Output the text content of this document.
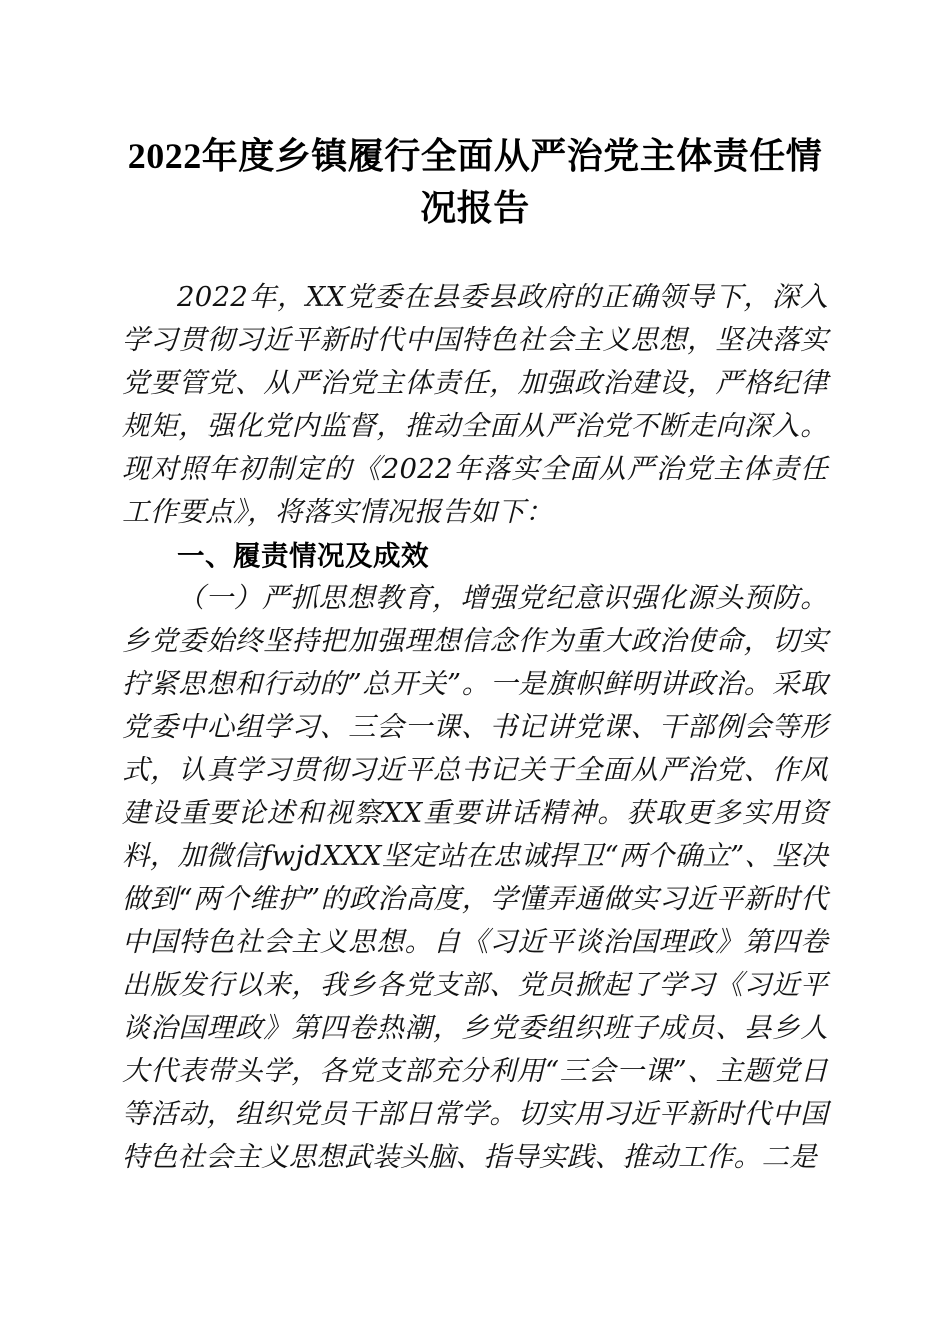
2022年度乡镇履行全面从严治党主体责任情况报告

2022年，XX党委在县委县政府的正确领导下，深入学习贯彻习近平新时代中国特色社会主义思想，坚决落实党要管党、从严治党主体责任，加强政治建设，严格纪律规矩，强化党内监督，推动全面从严治党不断走向深入。现对照年初制定的《2022年落实全面从严治党主体责任工作要点》，将落实情况报告如下：

一、履责情况及成效

（一）严抓思想教育，增强党纪意识强化源头预防。乡党委始终坚持把加强理想信念作为重大政治使命，切实拧紧思想和行动的”总开关”。一是旗帜鲜明讲政治。采取党委中心组学习、三会一课、书记讲党课、干部例会等形式，认真学习贯彻习近平总书记关于全面从严治党、作风建设重要论述和视察XX重要讲话精神。获取更多实用资料，加微信fwjdXXX坚定站在忠诚捍卫“两个确立”、坚决做到“两个维护”的政治高度，学懂弄通做实习近平新时代中国特色社会主义思想。自《习近平谈治国理政》第四卷出版发行以来，我乡各党支部、党员掀起了学习《习近平谈治国理政》第四卷热潮，乡党委组织班子成员、县乡人大代表带头学，各党支部充分利用“三会一课”、主题党日等活动，组织党员干部日常学。切实用习近平新时代中国特色社会主义思想武装头脑、指导实践、推动工作。二是
